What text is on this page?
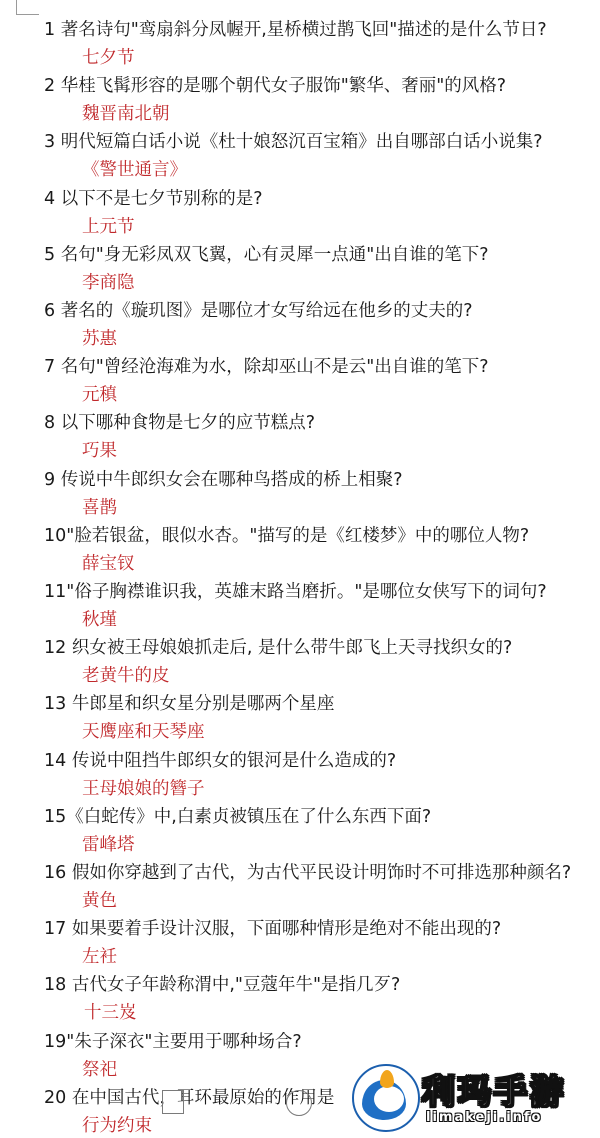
1 著名诗句"鸾扇斜分凤幄开,星桥横过鹊飞回"描述的是什么节日?
七夕节
2 华桂飞髯形容的是哪个朝代女子服饰"繁华、奢丽"的风格?
魏晋南北朝
3 明代短篇白话小说《杜十娘怒沉百宝箱》出自哪部白话小说集?
《警世通言》
4 以下不是七夕节别称的是?
上元节
5 名句"身无彩凤双飞翼，心有灵犀一点通"出自谁的笔下?
李商隐
6 著名的《璇玑图》是哪位才女写给远在他乡的丈夫的?
苏惠
7 名句"曾经沧海难为水，除却巫山不是云"出自谁的笔下?
元稹
8 以下哪种食物是七夕的应节糕点?
巧果
9 传说中牛郎织女会在哪种鸟搭成的桥上相聚?
喜鹊
10"脸若银盆，眼似水杏。"描写的是《红楼梦》中的哪位人物?
薛宝钗
11"俗子胸襟谁识我，英雄末路当磨折。"是哪位女侠写下的词句?
秋瑾
12 织女被王母娘娘抓走后, 是什么带牛郎飞上天寻找织女的?
老黄牛的皮
13 牛郎星和织女星分别是哪两个星座
天鹰座和天琴座
14 传说中阻挡牛郎织女的银河是什么造成的?
王母娘娘的簪子
15《白蛇传》中,白素贞被镇压在了什么东西下面?
雷峰塔
16 假如你穿越到了古代，为古代平民设计明饰时不可排选那种颜名?
黄色
17 如果要着手设计汉服，下面哪种情形是绝对不能出现的?
左衽
18 古代女子年龄称渭中,"豆蔻年牛"是指几歹?
十三岌
19"朱子深衣"主要用于哪种场合?
祭祀
20 在中国古代，耳环最原始的作用是
行为约束
利玛手游
limakeji.info
